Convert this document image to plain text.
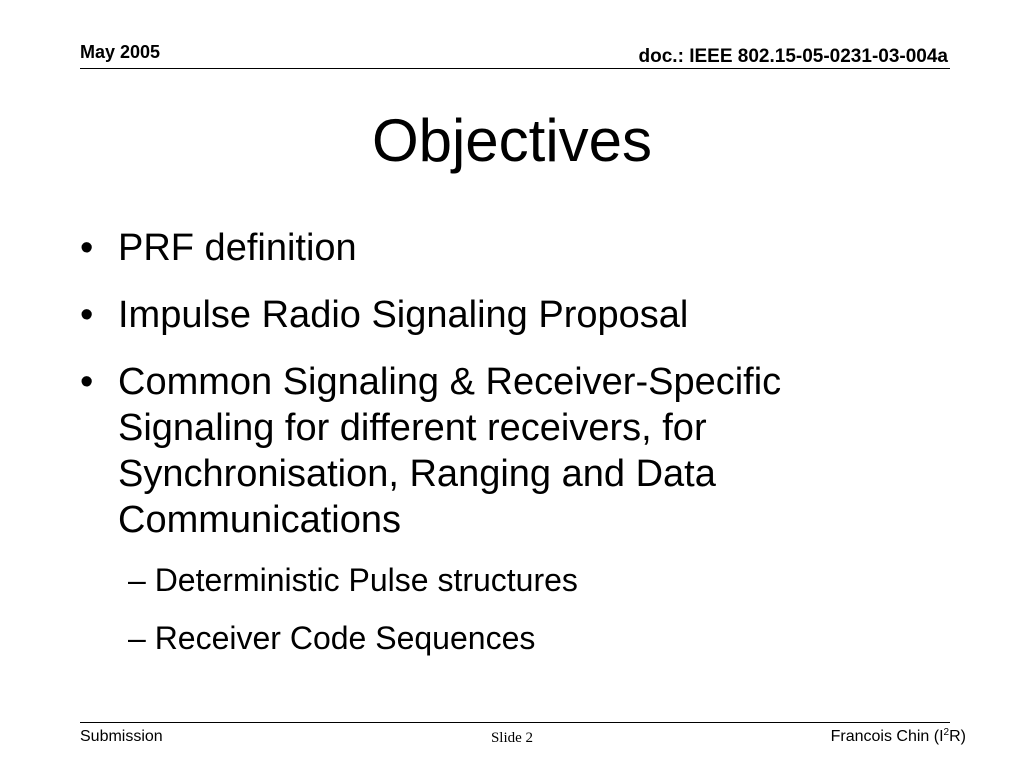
May 2005	doc.: IEEE 802.15-05-0231-03-004a
Objectives
• PRF definition
• Impulse Radio Signaling Proposal
• Common Signaling & Receiver-Specific Signaling for different receivers, for Synchronisation, Ranging and Data Communications
– Deterministic Pulse structures
– Receiver Code Sequences
Submission	Slide 2	Francois Chin $(I^2R)$
